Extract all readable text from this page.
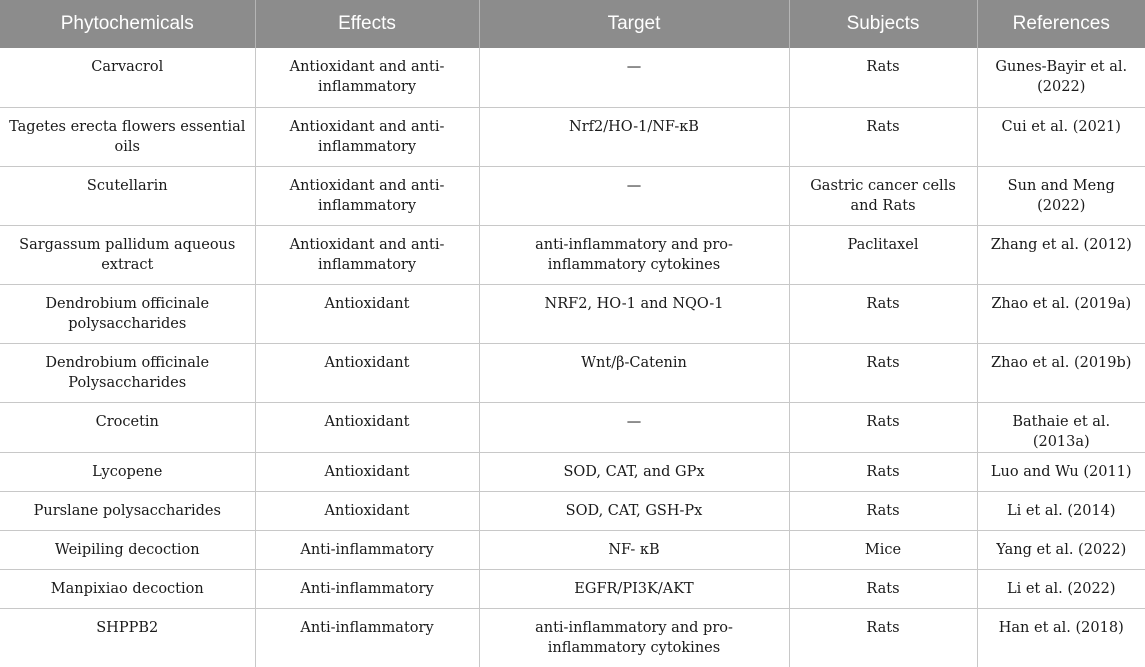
Phytochemicals	Effects	Target	Subjects	References
Carvacrol	Antioxidant and anti-inflammatory	—	Rats	Gunes-Bayir et al. (2022)
Tagetes erecta flowers essential oils	Antioxidant and anti-inflammatory	Nrf2/HO-1/NF-κB	Rats	Cui et al. (2021)
Scutellarin	Antioxidant and anti-inflammatory	—	Gastric cancer cells and Rats	Sun and Meng (2022)
Sargassum pallidum aqueous extract	Antioxidant and anti-inflammatory	anti-inflammatory and pro-inflammatory cytokines	Paclitaxel	Zhang et al. (2012)
Dendrobium officinale polysaccharides	Antioxidant	NRF2, HO-1 and NQO-1	Rats	Zhao et al. (2019a)
Dendrobium officinale Polysaccharides	Antioxidant	Wnt/β-Catenin	Rats	Zhao et al. (2019b)
Crocetin	Antioxidant	—	Rats	Bathaie et al. (2013a)
Lycopene	Antioxidant	SOD, CAT, and GPx	Rats	Luo and Wu (2011)
Purslane polysaccharides	Antioxidant	SOD, CAT, GSH-Px	Rats	Li et al. (2014)
Weipiling decoction	Anti-inflammatory	NF- κB	Mice	Yang et al. (2022)
Manpixiao decoction	Anti-inflammatory	EGFR/PI3K/AKT	Rats	Li et al. (2022)
SHPPB2	Anti-inflammatory	anti-inflammatory and pro-inflammatory cytokines	Rats	Han et al. (2018)
